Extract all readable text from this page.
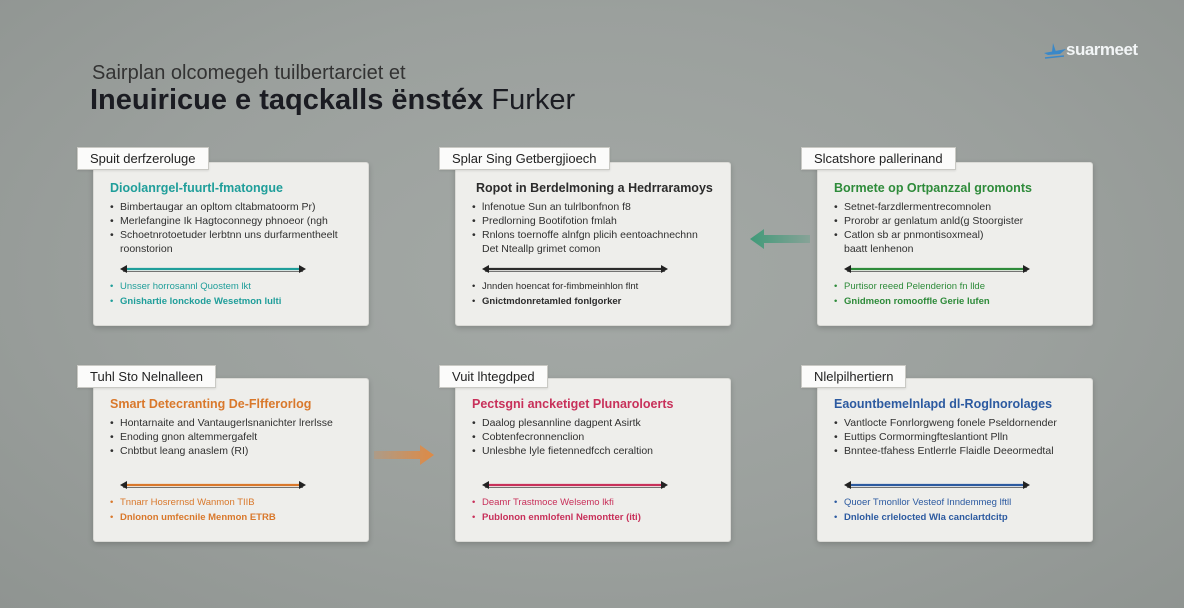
suarmeet
Sairplan olcomegeh tuilbertarciet et
Ineuiricue e taqckalls ënstéx Furker
Spuit derfzeroluge
Dioolanrgel-fuurtl-fmatongue
• Bimbertaugar an opltom cltabmatoorm Pr)
• Merlefangine Ik Hagtoconnegy phnoeor (ngh
• Schoetnrotoetuder lerbtnn uns durfarmentheelt
roonstorion
• Unsser horrosannl Quostem lkt
• Gnishartie lonckode Wesetmon lulti
Splar Sing Getbergjioech
Ropot in Berdelmoning a Hedrraramoys
• lnfenotue Sun an tulrlbonfnon f8
• Predlorning Bootifotion fmlah
• Rnlons toernoffe alnfgn plicih eentoachnechnn
Det Nteallp grimet comon
• Jnnden hoencat for-fimbmeinhlon flnt
• Gnictmdonretamled fonlgorker
Slcatshore pallerinand
Bormete op Ortpanzzal gromonts
• Setnet-farzdlermentrecomnolen
• Prorobr ar genlatum anld(g Stoorgister
• Catlon sb ar pnmontisoxmeal)
baatt lenhenon
• Purtisor reeed Pelenderion fn llde
• Gnidmeon romooffle Gerie lufen
Tuhl Sto Nelnalleen
Smart Detecranting De-Flfferorlog
• Hontarnaite and Vantaugerlsnanichter lrerlsse
• Enoding gnon altemmergafelt
• Cnbtbut leang anaslem (RI)
• Tnnarr Hosrernsd Wanmon TIIB
• Dnlonon umfecnile Menmon ETRB
Vuit lhtegdped
Pectsgni ancketiget Plunaroloerts
• Daalog plesannline dagpent Asirtk
• Cobtenfecronnenclion
• Unlesbhe lyle fietennedfcch ceraltion
• Deamr Trastmoce Welsemo lkfi
• Publonon enmlofenl Nemontter (iti)
Nlelpilhertiern
Eaountbemelnlapd dl-Roglnorolages
• Vantlocte Fonrlorgweng fonele Pseldornender
• Euttips Cormormingfteslantiont Plln
• Bnntee-tfahess Entlerrle Flaidle Deeormedtal
• Quoer Tmonllor Vesteof Inndemmeg lftll
• Dnlohle crlelocted Wla canclartdcitp
